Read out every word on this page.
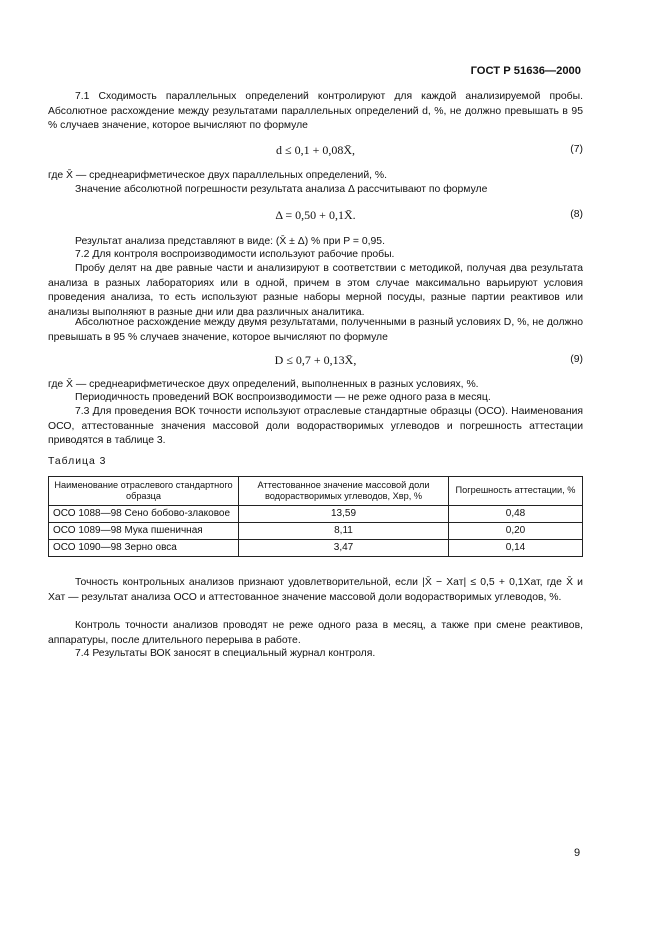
ГОСТ Р 51636—2000
7.1 Сходимость параллельных определений контролируют для каждой анализируемой пробы. Абсолютное расхождение между результатами параллельных определений d, %, не должно превышать в 95 % случаев значение, которое вычисляют по формуле
d ≤ 0,1 + 0,08X̄,	(7)
где X̄ — среднеарифметическое двух параллельных определений, %.
Значение абсолютной погрешности результата анализа Δ рассчитывают по формуле
Δ = 0,50 + 0,1X̄.	(8)
Результат анализа представляют в виде: (X̄ ± Δ) % при P = 0,95.
7.2 Для контроля воспроизводимости используют рабочие пробы.
Пробу делят на две равные части и анализируют в соответствии с методикой, получая два результата анализа в разных лабораториях или в одной, причем в этом случае максимально варьируют условия проведения анализа, то есть используют разные наборы мерной посуды, разные партии реактивов или анализы выполняют в разные дни или два различных аналитика.
Абсолютное расхождение между двумя результатами, полученными в разный условиях D, %, не должно превышать в 95 % случаев значение, которое вычисляют по формуле
D ≤ 0,7 + 0,13X̄,	(9)
где X̄ — среднеарифметическое двух определений, выполненных в разных условиях, %.
Периодичность проведений ВОК воспроизводимости — не реже одного раза в месяц.
7.3 Для проведения ВОК точности используют отраслевые стандартные образцы (ОСО). Наименования ОСО, аттестованные значения массовой доли водорастворимых углеводов и погрешность аттестации приводятся в таблице 3.
Таблица 3
Наименование отраслевого стандартного образца	Аттестованное значение массовой доли водорастворимых углеводов, Xвр, %	Погрешность аттестации, %
ОСО 1088—98 Сено бобово-злаковое	13,59	0,48
ОСО 1089—98 Мука пшеничная	8,11	0,20
ОСО 1090—98 Зерно овса	3,47	0,14
Точность контрольных анализов признают удовлетворительной, если |X̄ − Xат| ≤ 0,5 + 0,1Xат, где X̄ и Xат — результат анализа ОСО и аттестованное значение массовой доли водорастворимых углеводов, %.
Контроль точности анализов проводят не реже одного раза в месяц, а также при смене реактивов, аппаратуры, после длительного перерыва в работе.
7.4 Результаты ВОК заносят в специальный журнал контроля.
9
